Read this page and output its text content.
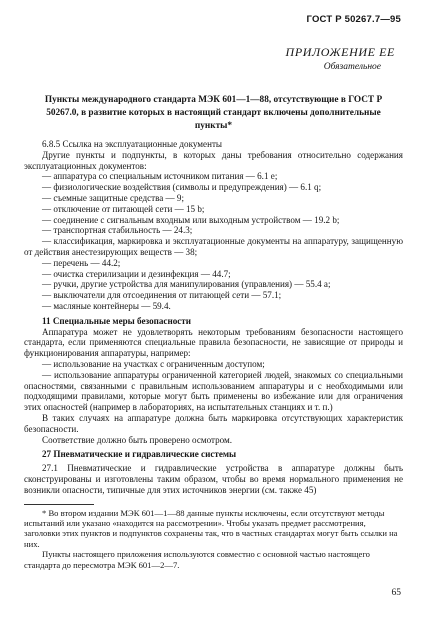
ГОСТ Р 50267.7—95
ПРИЛОЖЕНИЕ ЕЕ
Обязательное
Пункты международного стандарта МЭК 601—1—88, отсутствующие в ГОСТ Р 50267.0, в развитие которых в настоящий стандарт включены дополнительные пункты*

6.8.5 Ссылка на эксплуатационные документы

Другие пункты и подпункты, в которых даны требования относительно содержания эксплуатационных документов:

— аппаратура со специальным источником питания — 6.1 е;

— физиологические воздействия (символы и предупреждения) — 6.1 q;

— съемные защитные средства — 9;

— отключение от питающей сети — 15 b;

— соединение с сигнальным входным или выходным устройством — 19.2 b;

— транспортная стабильность — 24.3;

— классификация, маркировка и эксплуатационные документы на аппаратуру, защищенную от действия анестезирующих веществ — 38;

— перечень — 44.2;

— очистка стерилизации и дезинфекция — 44.7;

— ручки, другие устройства для манипулирования (управления) — 55.4 а;

— выключатели для отсоединения от питающей сети — 57.1;

— масляные контейнеры — 59.4.

11 Специальные меры безопасности

Аппаратура может не удовлетворять некоторым требованиям безопасности настоящего стандарта, если применяются специальные правила безопасности, не зависящие от природы и функционирования аппаратуры, например:

— использование на участках с ограниченным доступом;

— использование аппаратуры ограниченной категорией людей, знакомых со специальными опасностями, связанными с правильным использованием аппаратуры и с необходимыми или подходящими правилами, которые могут быть применены во избежание или для ограничения этих опасностей (например в лабораториях, на испытательных станциях и т. п.)

В таких случаях на аппаратуре должна быть маркировка отсутствующих характеристик безопасности.

Соответствие должно быть проверено осмотром.

27 Пневматические и гидравлические системы

27.1 Пневматические и гидравлические устройства в аппаратуре должны быть сконструированы и изготовлены таким образом, чтобы во время нормального применения не возникли опасности, типичные для этих источников энергии (см. также 45)

* Во втором издании МЭК 601—1—88 данные пункты исключены, если отсутствуют методы испытаний или указано «находится на рассмотрении». Чтобы указать предмет рассмотрения, заголовки этих пунктов и подпунктов сохранены так, что в частных стандартах могут быть ссылки на них.

Пункты настоящего приложения используются совместно с основной частью настоящего стандарта до пересмотра МЭК 601—2—7.

65
